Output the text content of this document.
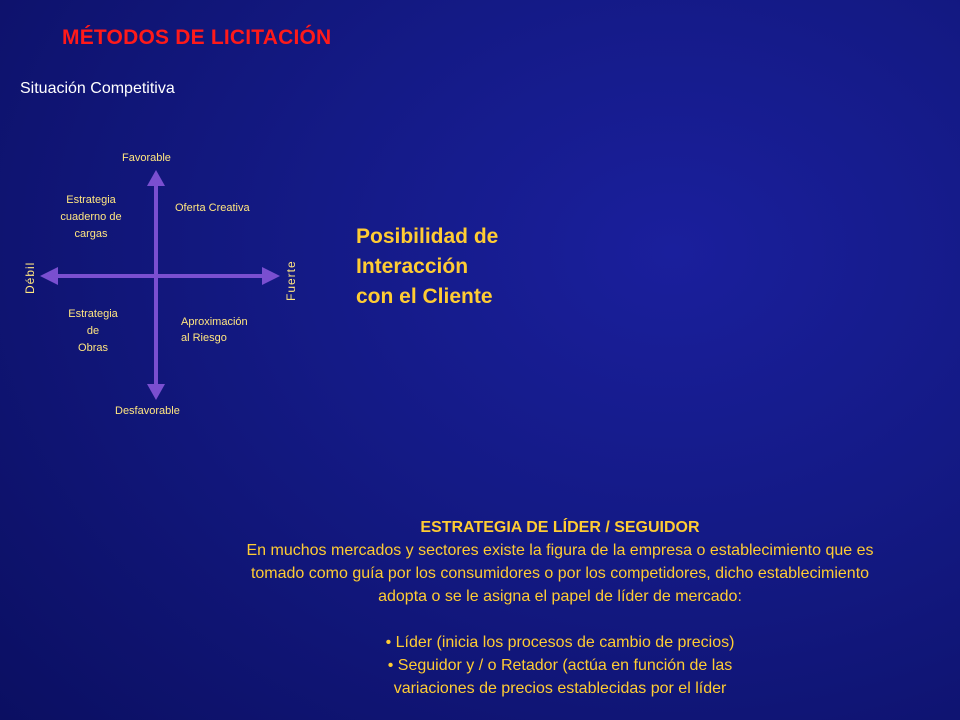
MÉTODOS DE LICITACIÓN
Situación Competitiva
Favorable
Desfavorable
Estrategia
cuaderno de
cargas
Oferta Creativa
Estrategia
de
Obras
Aproximación
al Riesgo
Débil	Fuerte
Posibilidad de
Interacción
con el Cliente
ESTRATEGIA DE LÍDER / SEGUIDOR
En muchos mercados y sectores existe la figura de la empresa o establecimiento que es
tomado como guía por los consumidores o por los competidores, dicho establecimiento
adopta o se le asigna el papel de líder de mercado:
• Líder (inicia los procesos de cambio de precios)
• Seguidor y / o Retador (actúa en función de las
variaciones de precios establecidas por el líder
